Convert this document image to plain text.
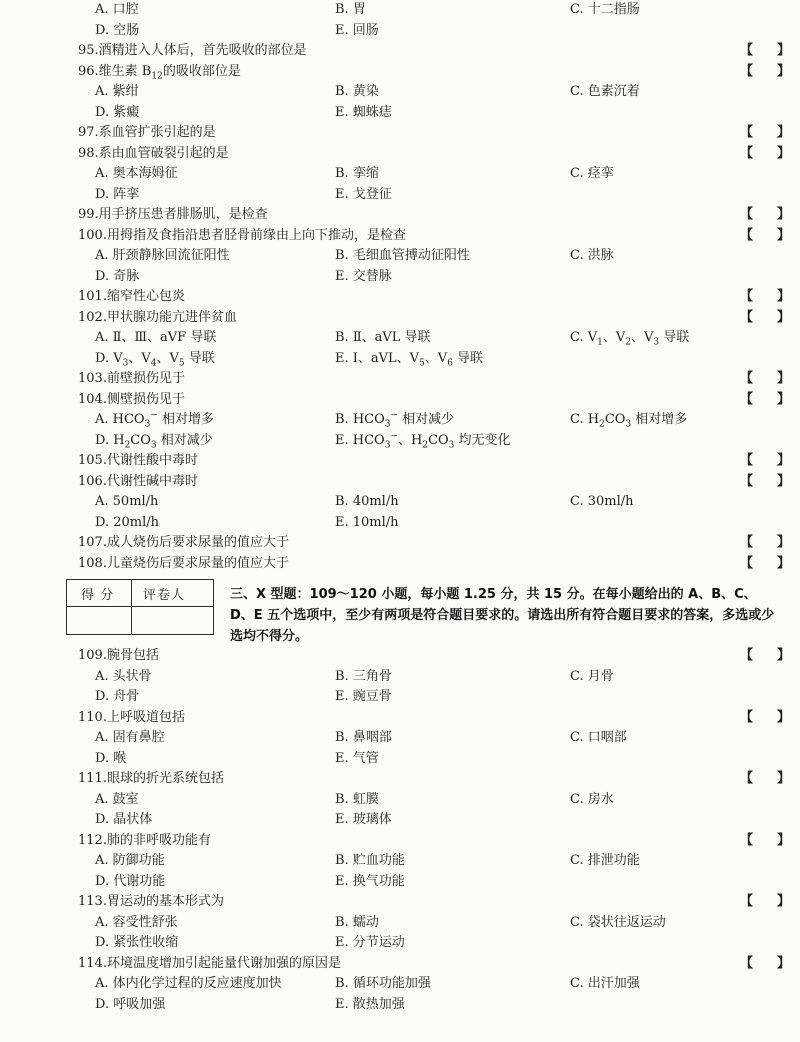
A. 口腔	B. 胃	C. 十二指肠
D. 空肠	E. 回肠
95.酒精进入人体后，首先吸收的部位是	【 】
96.维生素 $B_{12}$的吸收部位是	【 】
A. 紫绀	B. 黄染	C. 色素沉着
D. 紫癜	E. 蜘蛛痣
97.系血管扩张引起的是	【 】
98.系由血管破裂引起的是	【 】
A. 奥本海姆征	B. 挛缩	C. 痉挛
D. 阵挛	E. 戈登征
99.用手挤压患者腓肠肌，是检查	【 】
100.用拇指及食指沿患者胫骨前缘由上向下推动，是检查	【 】
A. 肝颈静脉回流征阳性	B. 毛细血管搏动征阳性	C. 洪脉
D. 奇脉	E. 交替脉
101.缩窄性心包炎	【 】
102.甲状腺功能亢进伴贫血	【 】
A. Ⅱ、Ⅲ、aVF 导联	B. Ⅱ、aVL 导联	C. $V_1$、$V_2$、$V_3$ 导联
D. $V_3$、$V_4$、$V_5$ 导联	E. Ⅰ、aVL、$V_5$、$V_6$ 导联
103.前壁损伤见于	【 】
104.侧壁损伤见于	【 】
A. $HCO_3^-$ 相对增多	B. $HCO_3^-$ 相对减少	C. $H_2CO_3$ 相对增多
D. $H_2CO_3$ 相对减少	E. $HCO_3^-$、$H_2CO_3$ 均无变化
105.代谢性酸中毒时	【 】
106.代谢性碱中毒时	【 】
A. 50ml/h	B. 40ml/h	C. 30ml/h
D. 20ml/h	E. 10ml/h
107.成人烧伤后要求尿量的值应大于	【 】
108.儿童烧伤后要求尿量的值应大于	【 】
109.腕骨包括	【 】
A. 头状骨	B. 三角骨	C. 月骨
D. 舟骨	E. 豌豆骨
110.上呼吸道包括	【 】
A. 固有鼻腔	B. 鼻咽部	C. 口咽部
D. 喉	E. 气管
111.眼球的折光系统包括	【 】
A. 鼓室	B. 虹膜	C. 房水
D. 晶状体	E. 玻璃体
112.肺的非呼吸功能有	【 】
A. 防御功能	B. 贮血功能	C. 排泄功能
D. 代谢功能	E. 换气功能
113.胃运动的基本形式为	【 】
A. 容受性舒张	B. 蠕动	C. 袋状往返运动
D. 紧张性收缩	E. 分节运动
114.环境温度增加引起能量代谢加强的原因是	【 】
A. 体内化学过程的反应速度加快	B. 循环功能加强	C. 出汗加强
D. 呼吸加强	E. 散热加强
得 分 评卷人	三、X 型题：109～120 小题，每小题 1.25 分，共 15 分。在每小题给出的 A、B、C、D、E 五个选项中，至少有两项是符合题目要求的。请选出所有符合题目要求的答案，多选或少选均不得分。
